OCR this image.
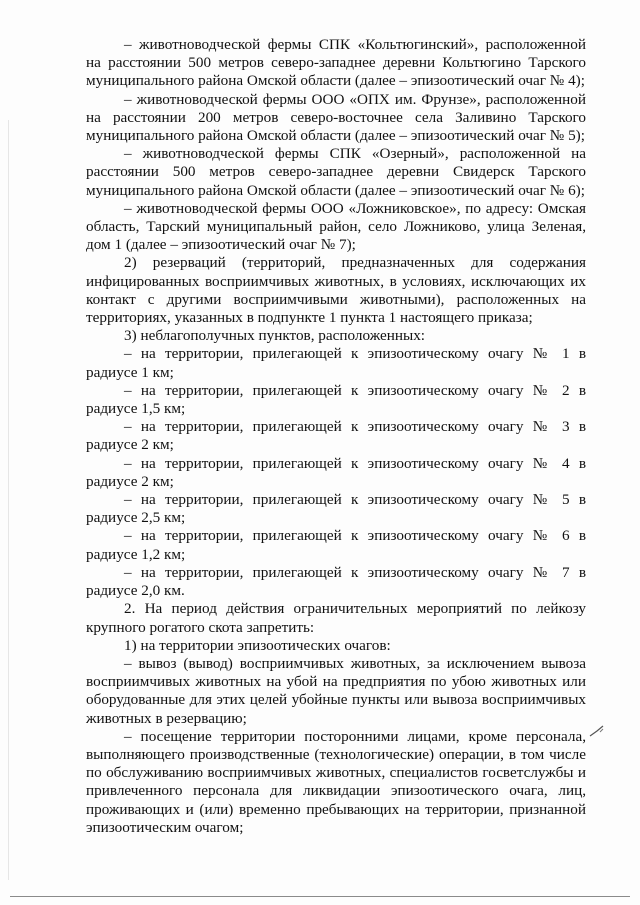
– животноводческой фермы СПК «Кольтюгинский», расположенной на расстоянии 500 метров северо-западнее деревни Кольтюгино Тарского муниципального района Омской области (далее – эпизоотический очаг № 4);

– животноводческой фермы ООО «ОПХ им. Фрунзе», расположенной на расстоянии 200 метров северо-восточнее села Заливино Тарского муниципального района Омской области (далее – эпизоотический очаг № 5);

– животноводческой фермы СПК «Озерный», расположенной на расстоянии 500 метров северо-западнее деревни Свидерск Тарского муниципального района Омской области (далее – эпизоотический очаг № 6);

– животноводческой фермы ООО «Ложниковское», по адресу: Омская область, Тарский муниципальный район, село Ложниково, улица Зеленая, дом 1 (далее – эпизоотический очаг № 7);

2) резерваций (территорий, предназначенных для содержания инфицированных восприимчивых животных, в условиях, исключающих их контакт с другими восприимчивыми животными), расположенных на территориях, указанных в подпункте 1 пункта 1 настоящего приказа;

3) неблагополучных пунктов, расположенных:

– на территории, прилегающей к эпизоотическому очагу № 1 в радиусе 1 км;

– на территории, прилегающей к эпизоотическому очагу № 2 в радиусе 1,5 км;

– на территории, прилегающей к эпизоотическому очагу № 3 в радиусе 2 км;

– на территории, прилегающей к эпизоотическому очагу № 4 в радиусе 2 км;

– на территории, прилегающей к эпизоотическому очагу № 5 в радиусе 2,5 км;

– на территории, прилегающей к эпизоотическому очагу № 6 в радиусе 1,2 км;

– на территории, прилегающей к эпизоотическому очагу № 7 в радиусе 2,0 км.

2. На период действия ограничительных мероприятий по лейкозу крупного рогатого скота запретить:

1) на территории эпизоотических очагов:

– вывоз (вывод) восприимчивых животных, за исключением вывоза восприимчивых животных на убой на предприятия по убою животных или оборудованные для этих целей убойные пункты или вывоза восприимчивых животных в резервацию;

– посещение территории посторонними лицами, кроме персонала, выполняющего производственные (технологические) операции, в том числе по обслуживанию восприимчивых животных, специалистов госветслужбы и привлеченного персонала для ликвидации эпизоотического очага, лиц, проживающих и (или) временно пребывающих на территории, признанной эпизоотическим очагом;
